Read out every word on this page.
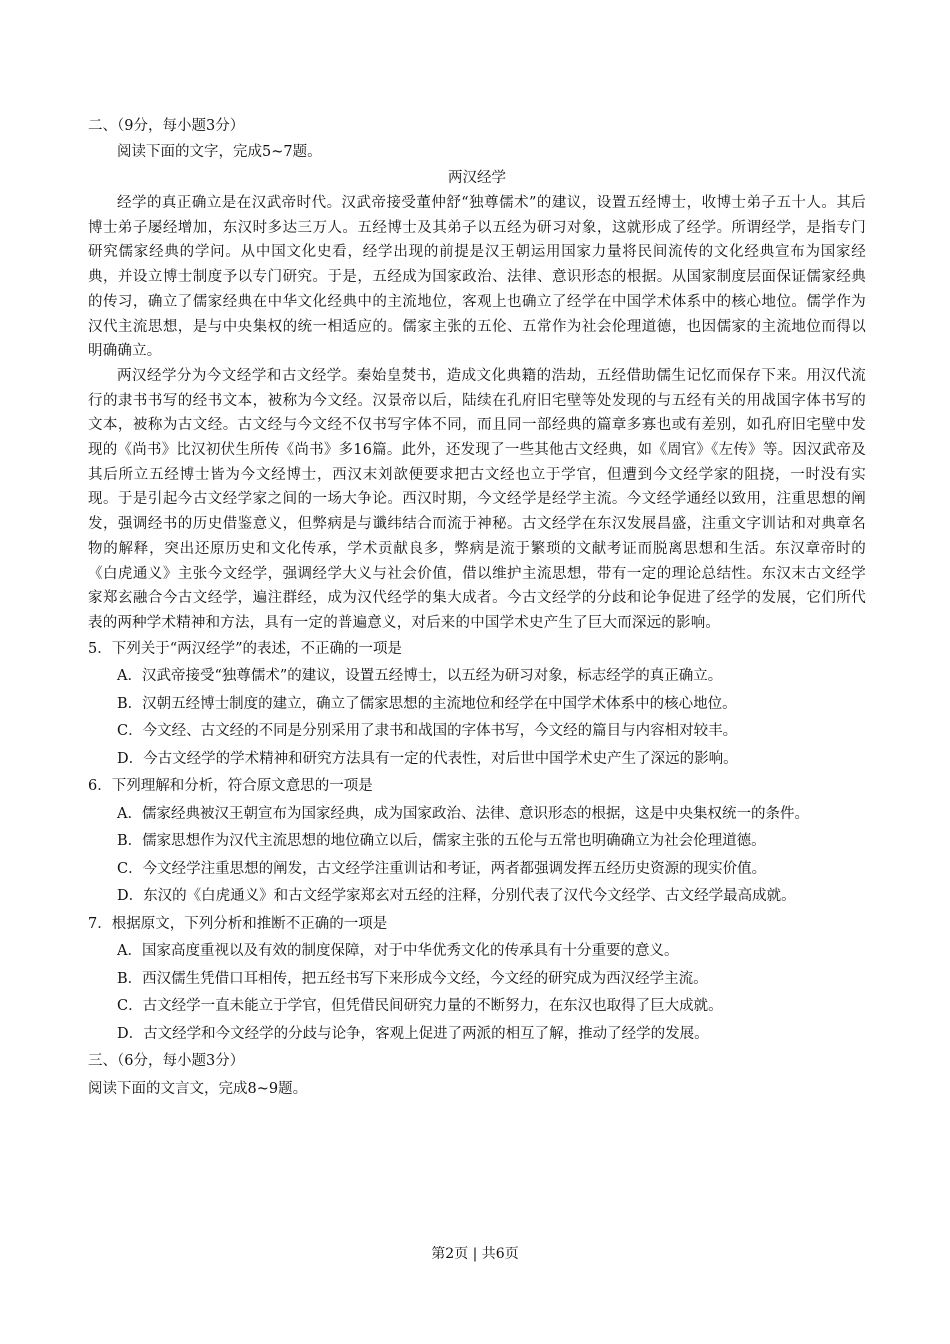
二、（9分，每小题3分）
阅读下面的文字，完成5~7题。
两汉经学

经学的真正确立是在汉武帝时代。汉武帝接受董仲舒“独尊儒术”的建议，设置五经博士，收博士弟子五十人。其后博士弟子屡经增加，东汉时多达三万人。五经博士及其弟子以五经为研习对象，这就形成了经学。所谓经学，是指专门研究儒家经典的学问。从中国文化史看，经学出现的前提是汉王朝运用国家力量将民间流传的文化经典宣布为国家经典，并设立博士制度予以专门研究。于是，五经成为国家政治、法律、意识形态的根据。从国家制度层面保证儒家经典的传习，确立了儒家经典在中华文化经典中的主流地位，客观上也确立了经学在中国学术体系中的核心地位。儒学作为汉代主流思想，是与中央集权的统一相适应的。儒家主张的五伦、五常作为社会伦理道德，也因儒家的主流地位而得以明确确立。

两汉经学分为今文经学和古文经学。秦始皇焚书，造成文化典籍的浩劫，五经借助儒生记忆而保存下来。用汉代流行的隶书书写的经书文本，被称为今文经。汉景帝以后，陆续在孔府旧宅壁等处发现的与五经有关的用战国字体书写的文本，被称为古文经。古文经与今文经不仅书写字体不同，而且同一部经典的篇章多寡也或有差别，如孔府旧宅壁中发现的《尚书》比汉初伏生所传《尚书》多16篇。此外，还发现了一些其他古文经典，如《周官》《左传》等。因汉武帝及其后所立五经博士皆为今文经博士，西汉末刘歆便要求把古文经也立于学官，但遭到今文经学家的阻挠，一时没有实现。于是引起今古文经学家之间的一场大争论。西汉时期，今文经学是经学主流。今文经学通经以致用，注重思想的阐发，强调经书的历史借鉴意义，但弊病是与谶纬结合而流于神秘。古文经学在东汉发展昌盛，注重文字训诂和对典章名物的解释，突出还原历史和文化传承，学术贡献良多，弊病是流于繁琐的文献考证而脱离思想和生活。东汉章帝时的《白虎通义》主张今文经学，强调经学大义与社会价值，借以维护主流思想，带有一定的理论总结性。东汉末古文经学家郑玄融合今古文经学，遍注群经，成为汉代经学的集大成者。今古文经学的分歧和论争促进了经学的发展，它们所代表的两种学术精神和方法，具有一定的普遍意义，对后来的中国学术史产生了巨大而深远的影响。

5．下列关于“两汉经学”的表述，不正确的一项是
A．汉武帝接受“独尊儒术”的建议，设置五经博士，以五经为研习对象，标志经学的真正确立。
B．汉朝五经博士制度的建立，确立了儒家思想的主流地位和经学在中国学术体系中的核心地位。
C．今文经、古文经的不同是分别采用了隶书和战国的字体书写，今文经的篇目与内容相对较丰。
D．今古文经学的学术精神和研究方法具有一定的代表性，对后世中国学术史产生了深远的影响。
6．下列理解和分析，符合原文意思的一项是
A． 儒家经典被汉王朝宣布为国家经典，成为国家政治、法律、意识形态的根据，这是中央集权统一的条件。
B．儒家思想作为汉代主流思想的地位确立以后，儒家主张的五伦与五常也明确确立为社会伦理道德。
C．今文经学注重思想的阐发，古文经学注重训诂和考证，两者都强调发挥五经历史资源的现实价值。
D． 东汉的《白虎通义》和古文经学家郑玄对五经的注释，分别代表了汉代今文经学、古文经学最高成就。
7．根据原文，下列分析和推断不正确的一项是
A．国家高度重视以及有效的制度保障，对于中华优秀文化的传承具有十分重要的意义。
B．西汉儒生凭借口耳相传，把五经书写下来形成今文经，今文经的研究成为西汉经学主流。
C．古文经学一直未能立于学官，但凭借民间研究力量的不断努力，在东汉也取得了巨大成就。
D．古文经学和今文经学的分歧与论争，客观上促进了两派的相互了解，推动了经学的发展。
三、（6分，每小题3分）
阅读下面的文言文，完成8~9题。
第2页 | 共6页
